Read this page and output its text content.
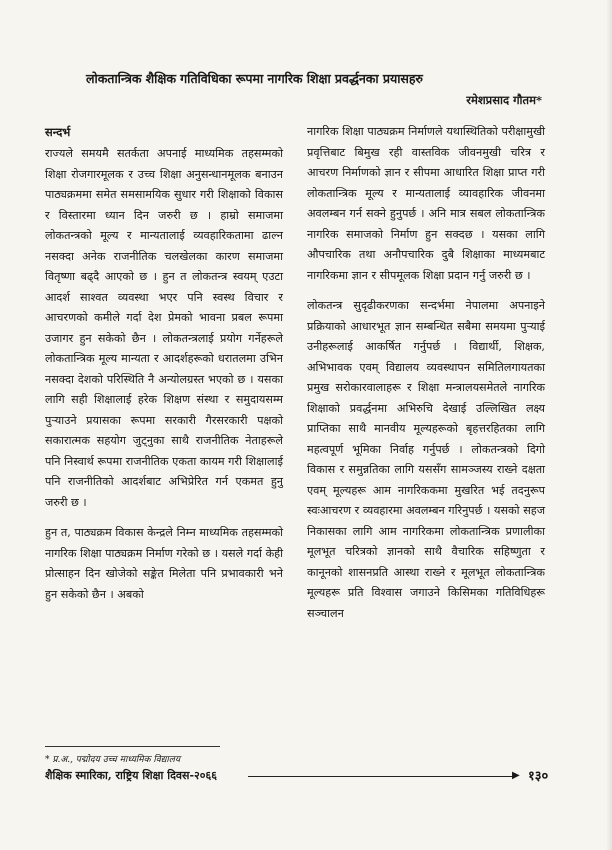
लोकतान्त्रिक शैक्षिक गतिविधिका रूपमा नागरिक शिक्षा प्रवर्द्धनका प्रयासहरु
रमेशप्रसाद गौतम*
सन्दर्भ

राज्यले समयमै सतर्कता अपनाई माध्यमिक तहसम्मको शिक्षा रोजगारमूलक र उच्च शिक्षा अनुसन्धानमूलक बनाउन पाठ्यक्रममा समेत समसामयिक सुधार गरी शिक्षाको विकास र विस्तारमा ध्यान दिन जरुरी छ । हाम्रो समाजमा लोकतन्त्रको मूल्य र मान्यतालाई व्यवहारिकतामा ढाल्न नसक्दा अनेक राजनीतिक चलखेलका कारण समाजमा वितृष्णा बढ्दै आएको छ । हुन त लोकतन्त्र स्वयम् एउटा आदर्श साश्वत व्यवस्था भएर पनि स्वस्थ विचार र आचरणको कमीले गर्दा देश प्रेमको भावना प्रबल रूपमा उजागर हुन सकेको छैन । लोकतन्त्रलाई प्रयोग गर्नेहरूले लोकतान्त्रिक मूल्य मान्यता र आदर्शहरूको धरातलमा उभिन नसक्दा देशको परिस्थिति नै अन्योलग्रस्त भएको छ । यसका लागि सही शिक्षालाई हरेक शिक्षण संस्था र समुदायसम्म पुऱ्याउने प्रयासका रूपमा सरकारी गैरसरकारी पक्षको सकारात्मक सहयोग जुट्नुका साथै राजनीतिक नेताहरूले पनि निस्वार्थ रूपमा राजनीतिक एकता कायम गरी शिक्षालाई पनि राजनीतिको आदर्शबाट अभिप्रेरित गर्न एकमत हुनु जरुरी छ ।

हुन त, पाठ्यक्रम विकास केन्द्रले निम्न माध्यमिक तहसम्मको नागरिक शिक्षा पाठ्यक्रम निर्माण गरेको छ । यसले गर्दा केही प्रोत्साहन दिन खोजेको सङ्केत मिलेता पनि प्रभावकारी भने हुन सकेको छैन । अबको

नागरिक शिक्षा पाठ्यक्रम निर्माणले यथास्थितिको परीक्षामुखी प्रवृत्तिबाट बिमुख रही वास्तविक जीवनमुखी चरित्र र आचरण निर्माणको ज्ञान र सीपमा आधारित शिक्षा प्राप्त गरी लोकतान्त्रिक मूल्य र मान्यतालाई व्यावहारिक जीवनमा अवलम्बन गर्न सक्ने हुनुपर्छ । अनि मात्र सबल लोकतान्त्रिक नागरिक समाजको निर्माण हुन सक्दछ । यसका लागि औपचारिक तथा अनौपचारिक दुबै शिक्षाका माध्यमबाट नागरिकमा ज्ञान र सीपमूलक शिक्षा प्रदान गर्नु जरुरी छ ।

लोकतन्त्र सुदृढीकरणका सन्दर्भमा नेपालमा अपनाइने प्रक्रियाको आधारभूत ज्ञान सम्बन्धित सबैमा समयमा पुऱ्याई उनीहरूलाई आकर्षित गर्नुपर्छ । विद्यार्थी, शिक्षक, अभिभावक एवम् विद्यालय व्यवस्थापन समितिलगायतका प्रमुख सरोकारवालाहरू र शिक्षा मन्त्रालयसमेतले नागरिक शिक्षाको प्रवर्द्धनमा अभिरुचि देखाई उल्लिखित लक्ष्य प्राप्तिका साथै मानवीय मूल्यहरूको बृहत्तरहितका लागि महत्वपूर्ण भूमिका निर्वाह गर्नुपर्छ । लोकतन्त्रको दिगो विकास र समुन्नतिका लागि यससँग सामञ्जस्य राख्ने दक्षता एवम् मूल्यहरू आम नागरिककमा मुखरित भई तदनुरूप स्वःआचरण र व्यवहारमा अवलम्बन गरिनुपर्छ । यसको सहज निकासका लागि आम नागरिकमा लोकतान्त्रिक प्रणालीका मूलभूत चरित्रको ज्ञानको साथै वैचारिक सहिष्णुता र कानूनको शासनप्रति आस्था राख्ने र मूलभूत लोकतान्त्रिक मूल्यहरू प्रति विश्वास जगाउने किसिमका गतिविधिहरू सञ्चालन

* प्र.अ., पद्मोदय उच्च माध्यमिक विद्यालय
शैक्षिक स्मारिका, राष्ट्रिय शिक्षा दिवस-२०६६	▶ १३०
